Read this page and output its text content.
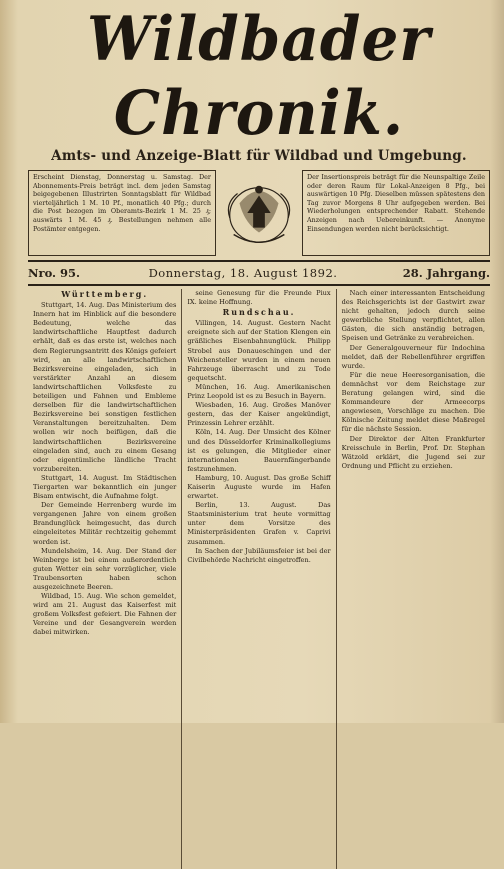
Wildbader Chronik.
Amts- und Anzeige-Blatt für Wildbad und Umgebung.
Erscheint Dienstag, Donnerstag u. Samstag. Der Abonnements-Preis beträgt incl. dem jeden Samstag beigegebenen Illustrirten Sonntagsblatt für Wildbad vierteljährlich 1 M. 10 Pf., monatlich 40 Pfg.; durch die Post bezogen im Oberamts-Bezirk 1 M. 25 ₰; auswärts 1 M. 45 ₰. Bestellungen nehmen alle Postämter entgegen.
Der Insertionspreis beträgt für die Neunspaltige Zeile oder deren Raum für Lokal-Anzeigen 8 Pfg., bei auswärtigen 10 Pfg. Dieselben müssen spätestens den Tag zuvor Morgens 8 Uhr aufgegeben werden. Bei Wiederholungen entsprechender Rabatt. Stehende Anzeigen nach Uebereinkunft. — Anonyme Einsendungen werden nicht berücksichtigt.
Nro. 95.	Donnerstag, 18. August 1892.	28. Jahrgang.
Württemberg.

Stuttgart, 14. Aug. Das Ministerium des Innern hat im Hinblick auf die besondere Bedeutung, welche das landwirtschaftliche Hauptfest dadurch erhält, daß es das erste ist, welches nach dem Regierungsantritt des Königs gefeiert wird, an alle landwirtschaftlichen Bezirksvereine eingeladen, sich in verstärkter Anzahl an diesem landwirtschaftlichen Volksfeste zu beteiligen und Fahnen und Embleme derselben für die landwirtschaftlichen Bezirksvereine bei sonstigen festlichen Veranstaltungen bereitzuhalten. Dem wollen wir noch beifügen, daß die landwirtschaftlichen Bezirksvereine eingeladen sind, auch zu einem Gesang oder eigentümliche ländliche Tracht vorzubereiten.

Stuttgart, 14. August. Im Städtischen Tiergarten war bekanntlich ein junger Bisam entwischt, die Aufnahme folgt.

Der Gemeinde Herrenberg wurde im vergangenen Jahre von einem großen Brandunglück heimgesucht, das durch eingeleitetes Militär rechtzeitig gehemmt worden ist.

Mundelsheim, 14. Aug. Der Stand der Weinberge ist bei einem außerordentlich guten Wetter ein sehr vorzüglicher, viele Traubensorten haben schon ausgezeichnete Beeren.

Wildbad, 15. Aug. Wie schon gemeldet, wird am 21. August das Kaiserfest mit großem Volksfest gefeiert. Die Fahnen der Vereine und der Gesangverein werden dabei mitwirken.

seine Genesung für die Freunde Piux IX. keine Hoffnung.

Rundschau.

Villingen, 14. August. Gestern Nacht ereignete sich auf der Station Klengen ein gräßliches Eisenbahnunglück. Philipp Strobel aus Donaueschingen und der Weichensteller wurden in einem neuen Fahrzeuge überrascht und zu Tode gequetscht.

München, 16. Aug. Amerikanischen Prinz Leopold ist es zu Besuch in Bayern.

Wiesbaden, 16. Aug. Großes Manöver gestern, das der Kaiser angekündigt, Prinzessin Lehrer erzählt.

Köln, 14. Aug. Der Umsicht des Kölner und des Düsseldorfer Kriminalkollegiums ist es gelungen, die Mitglieder einer internationalen Bauernfängerbande festzunehmen.

Hamburg, 10. August. Das große Schiff Kaiserin Auguste wurde im Hafen erwartet.

Berlin, 13. August. Das Staatsministerium trat heute vormittag unter dem Vorsitze des Ministerpräsidenten Grafen v. Caprivi zusammen.

In Sachen der Jubiläumsfeier ist bei der Civilbehörde Nachricht eingetroffen.

Nach einer interessanten Entscheidung des Reichsgerichts ist der Gastwirt zwar nicht gehalten, jedoch durch seine gewerbliche Stellung verpflichtet, allen Gästen, die sich anständig betragen, Speisen und Getränke zu verabreichen.

Der Generalgouverneur für Indochina meldet, daß der Rebellenführer ergriffen wurde.

Für die neue Heeresorganisation, die demnächst vor dem Reichstage zur Beratung gelangen wird, sind die Kommandeure der Armeecorps angewiesen, Vorschläge zu machen. Die Kölnische Zeitung meldet diese Maßregel für die nächste Session.

Der Direktor der Alten Frankfurter Kreisschule in Berlin, Prof. Dr. Stephan Wätzold erklärt, die Jugend sei zur Ordnung und Pflicht zu erziehen.
